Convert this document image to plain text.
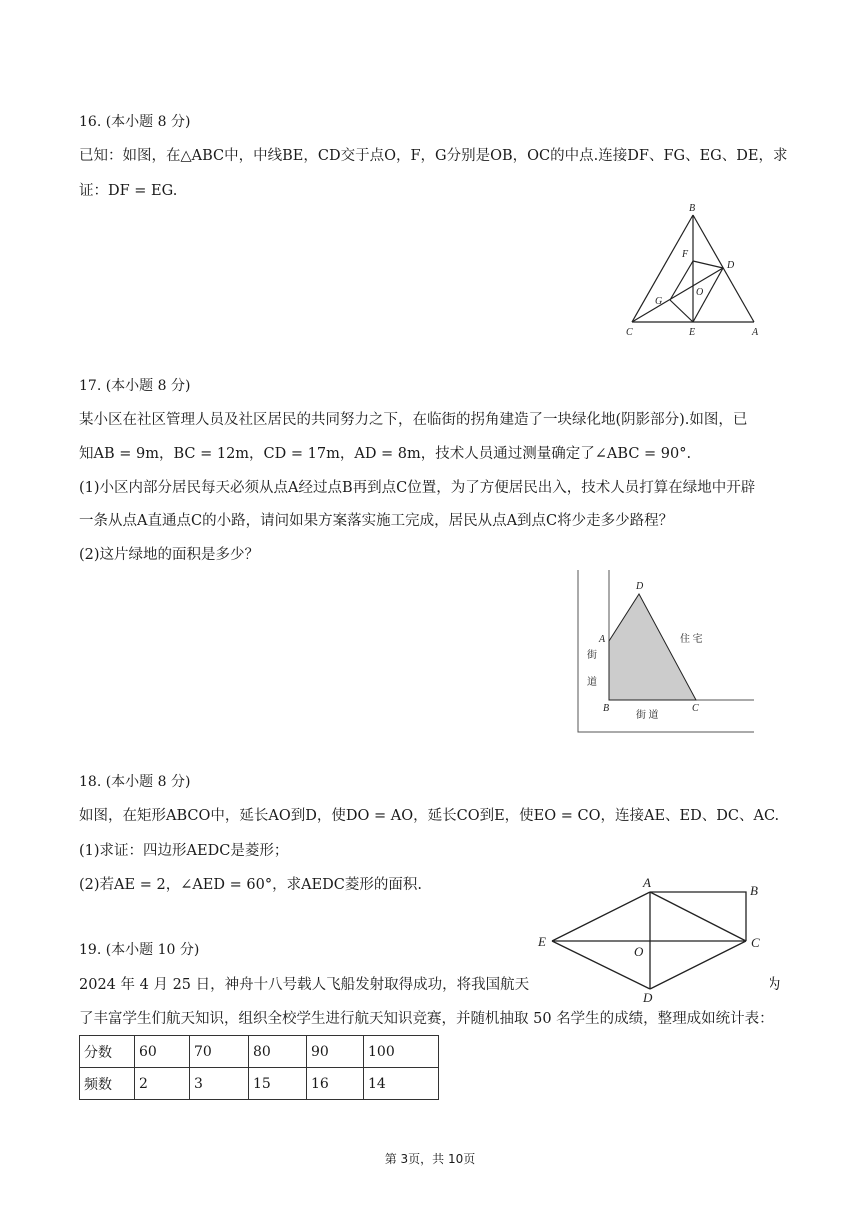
16. (本小题 8 分)
已知：如图，在△ABC中，中线BE，CD交于点O，F，G分别是OB，OC的中点.连接DF、FG、EG、DE，求
证：DF = EG.
B
F
D
O
G
C	E	A
17. (本小题 8 分)
某小区在社区管理人员及社区居民的共同努力之下，在临街的拐角建造了一块绿化地(阴影部分).如图，已
知AB = 9m，BC = 12m，CD = 17m，AD = 8m，技术人员通过测量确定了∠ABC = 90°.
(1)小区内部分居民每天必须从点A经过点B再到点C位置，为了方便居民出入，技术人员打算在绿地中开辟
一条从点A直通点C的小路，请问如果方案落实施工完成，居民从点A到点C将少走多少路程？
(2)这片绿地的面积是多少？
D
A
B	C
街
道
街 道
住 宅
18. (本小题 8 分)
如图，在矩形ABCO中，延长AO到D，使DO = AO，延长CO到E，使EO = CO，连接AE、ED、DC、AC.
(1)求证：四边形AEDC是菱形；
(2)若AE = 2，∠AED = 60°，求AEDC菱形的面积.
19. (本小题 10 分)
2024 年 4 月 25 日，神舟十八号载人飞船发射取得成功，将我国航天	为
了丰富学生们航天知识，组织全校学生进行航天知识竞赛，并随机抽取 50 名学生的成绩，整理成如统计表：
A
B
E
O
C
D
分数	60	70	80	90	100
频数	2	3	15	16	14
第 3页，共 10页
